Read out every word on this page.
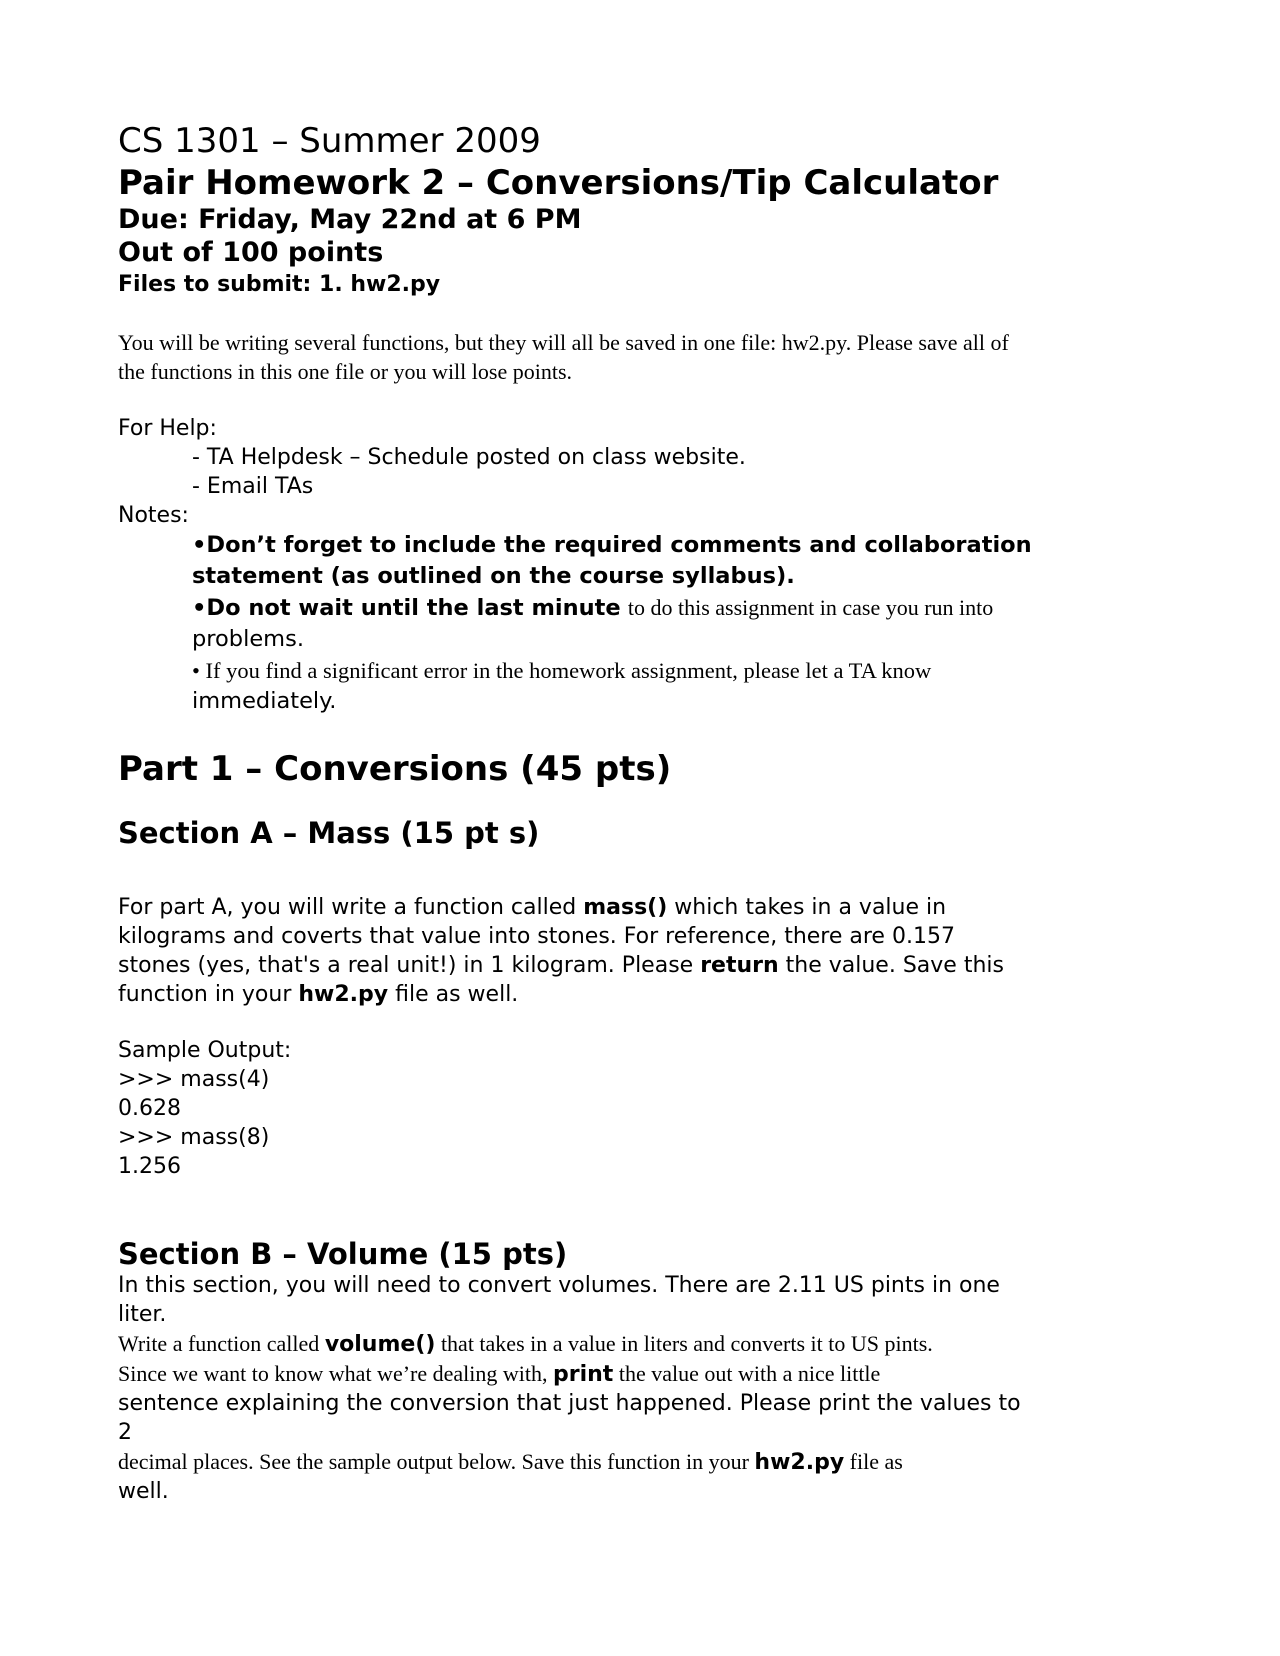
CS 1301 – Summer 2009
Pair Homework 2 – Conversions/Tip Calculator
Due: Friday, May 22nd at 6 PM
Out of 100 points
Files to submit: 1. hw2.py
You will be writing several functions, but they will all be saved in one file: hw2.py. Please save all of
the functions in this one file or you will lose points.
For Help:
- TA Helpdesk – Schedule posted on class website.
- Email TAs
Notes:
•Don’t forget to include the required comments and collaboration
statement (as outlined on the course syllabus).
•Do not wait until the last minute to do this assignment in case you run into
problems.
• If you find a significant error in the homework assignment, please let a TA know
immediately.
Part 1 – Conversions (45 pts)
Section A – Mass (15 pt s)
For part A, you will write a function called mass() which takes in a value in
kilograms and coverts that value into stones. For reference, there are 0.157
stones (yes, that's a real unit!) in 1 kilogram. Please return the value. Save this
function in your hw2.py file as well.
Sample Output:
>>> mass(4)
0.628
>>> mass(8)
1.256
Section B – Volume (15 pts)
In this section, you will need to convert volumes. There are 2.11 US pints in one
liter.
Write a function called volume() that takes in a value in liters and converts it to US pints.
Since we want to know what we’re dealing with, print the value out with a nice little
sentence explaining the conversion that just happened. Please print the values to
2
decimal places. See the sample output below. Save this function in your hw2.py file as
well.
